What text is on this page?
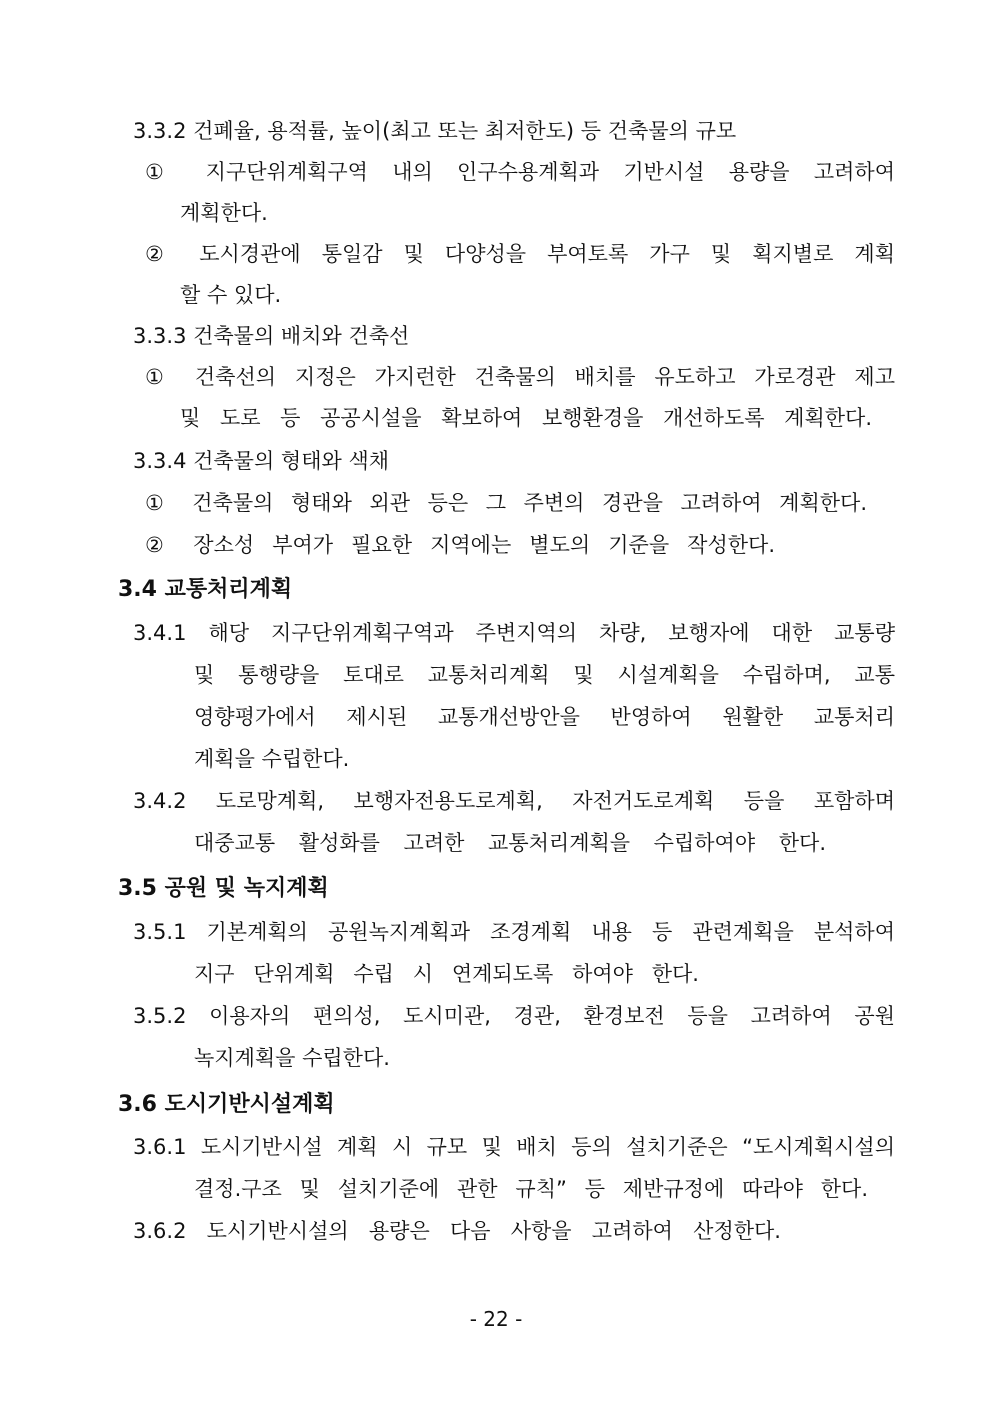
3.3.2 건폐율, 용적률, 높이(최고 또는 최저한도) 등 건축물의 규모
① 지구단위계획구역 내의 인구수용계획과 기반시설 용량을 고려하여
계획한다.
② 도시경관에 통일감 및 다양성을 부여토록 가구 및 획지별로 계획
할 수 있다.
3.3.3 건축물의 배치와 건축선
① 건축선의 지정은 가지런한 건축물의 배치를 유도하고 가로경관 제고
및 도로 등 공공시설을 확보하여 보행환경을 개선하도록 계획한다.
3.3.4 건축물의 형태와 색채
① 건축물의 형태와 외관 등은 그 주변의 경관을 고려하여 계획한다.
② 장소성 부여가 필요한 지역에는 별도의 기준을 작성한다.
3.4 교통처리계획
3.4.1 해당 지구단위계획구역과 주변지역의 차량, 보행자에 대한 교통량
및 통행량을 토대로 교통처리계획 및 시설계획을 수립하며, 교통
영향평가에서 제시된 교통개선방안을 반영하여 원활한 교통처리
계획을 수립한다.
3.4.2 도로망계획, 보행자전용도로계획, 자전거도로계획 등을 포함하며
대중교통 활성화를 고려한 교통처리계획을 수립하여야 한다.
3.5 공원 및 녹지계획
3.5.1 기본계획의 공원녹지계획과 조경계획 내용 등 관련계획을 분석하여
지구 단위계획 수립 시 연계되도록 하여야 한다.
3.5.2 이용자의 편의성, 도시미관, 경관, 환경보전 등을 고려하여 공원
녹지계획을 수립한다.
3.6 도시기반시설계획
3.6.1 도시기반시설 계획 시 규모 및 배치 등의 설치기준은 “도시계획시설의
결정.구조 및 설치기준에 관한 규칙” 등 제반규정에 따라야 한다.
3.6.2 도시기반시설의 용량은 다음 사항을 고려하여 산정한다.
- 22 -
